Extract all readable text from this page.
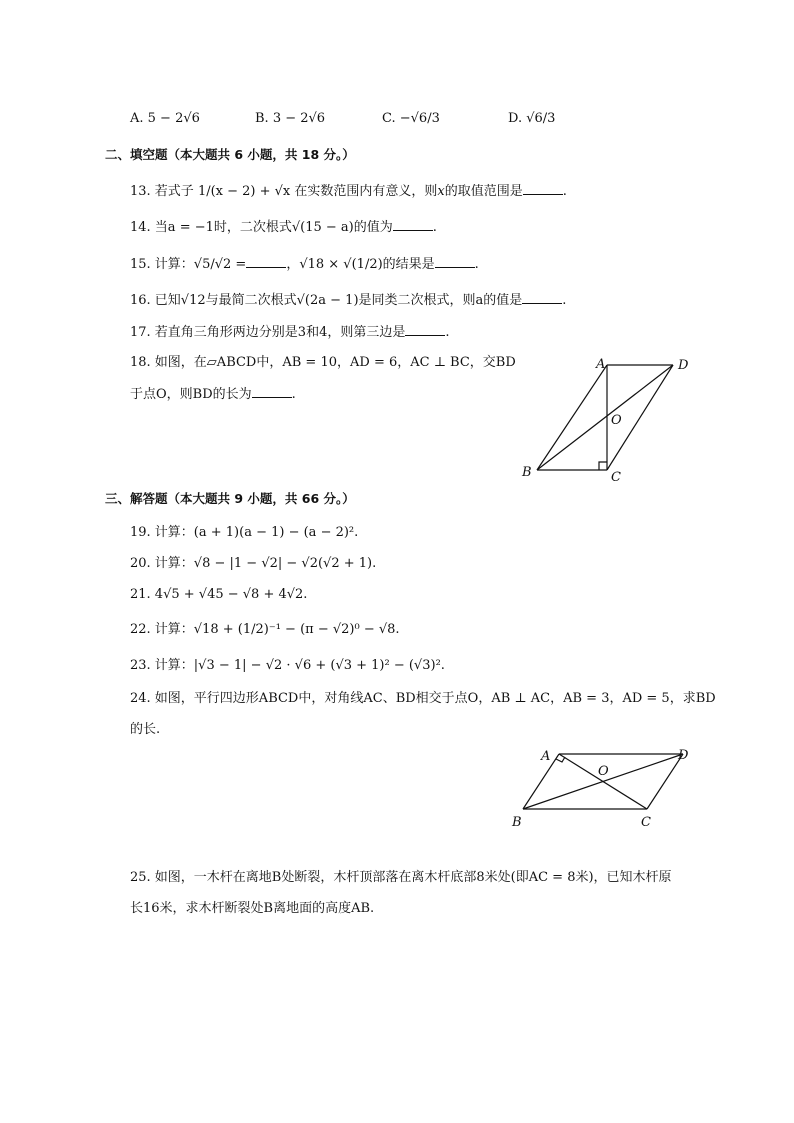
A. 5 − 2√6	B. 3 − 2√6	C. −√6/3	D. √6/3
二、填空题（本大题共 6 小题，共 18 分。）
13. 若式子 1/(x − 2) + √x 在实数范围内有意义，则x的取值范围是	.
14. 当a = −1时，二次根式√(15 − a)的值为	.
15. 计算：√5/√2 =	，√18 × √(1/2)的结果是	.
16. 已知√12与最简二次根式√(2a − 1)是同类二次根式，则a的值是	.
17. 若直角三角形两边分别是3和4，则第三边是	.
18. 如图，在▱ABCD中，AB = 10，AD = 6，AC ⊥ BC，交BD
于点O，则BD的长为	.
A	D
O
B	C
三、解答题（本大题共 9 小题，共 66 分。）
19. 计算：(a + 1)(a − 1) − (a − 2)².
20. 计算：√8 − |1 − √2| − √2(√2 + 1).
21. 4√5 + √45 − √8 + 4√2.
22. 计算：√18 + (1/2)⁻¹ − (π − √2)⁰ − √8.
23. 计算：|√3 − 1| − √2 · √6 + (√3 + 1)² − (√3)².
24. 如图，平行四边形ABCD中，对角线AC、BD相交于点O，AB ⊥ AC，AB = 3，AD = 5，求BD
的长.
A	D
O
B	C
25. 如图，一木杆在离地B处断裂，木杆顶部落在离木杆底部8米处(即AC = 8米)，已知木杆原
长16米，求木杆断裂处B离地面的高度AB.
